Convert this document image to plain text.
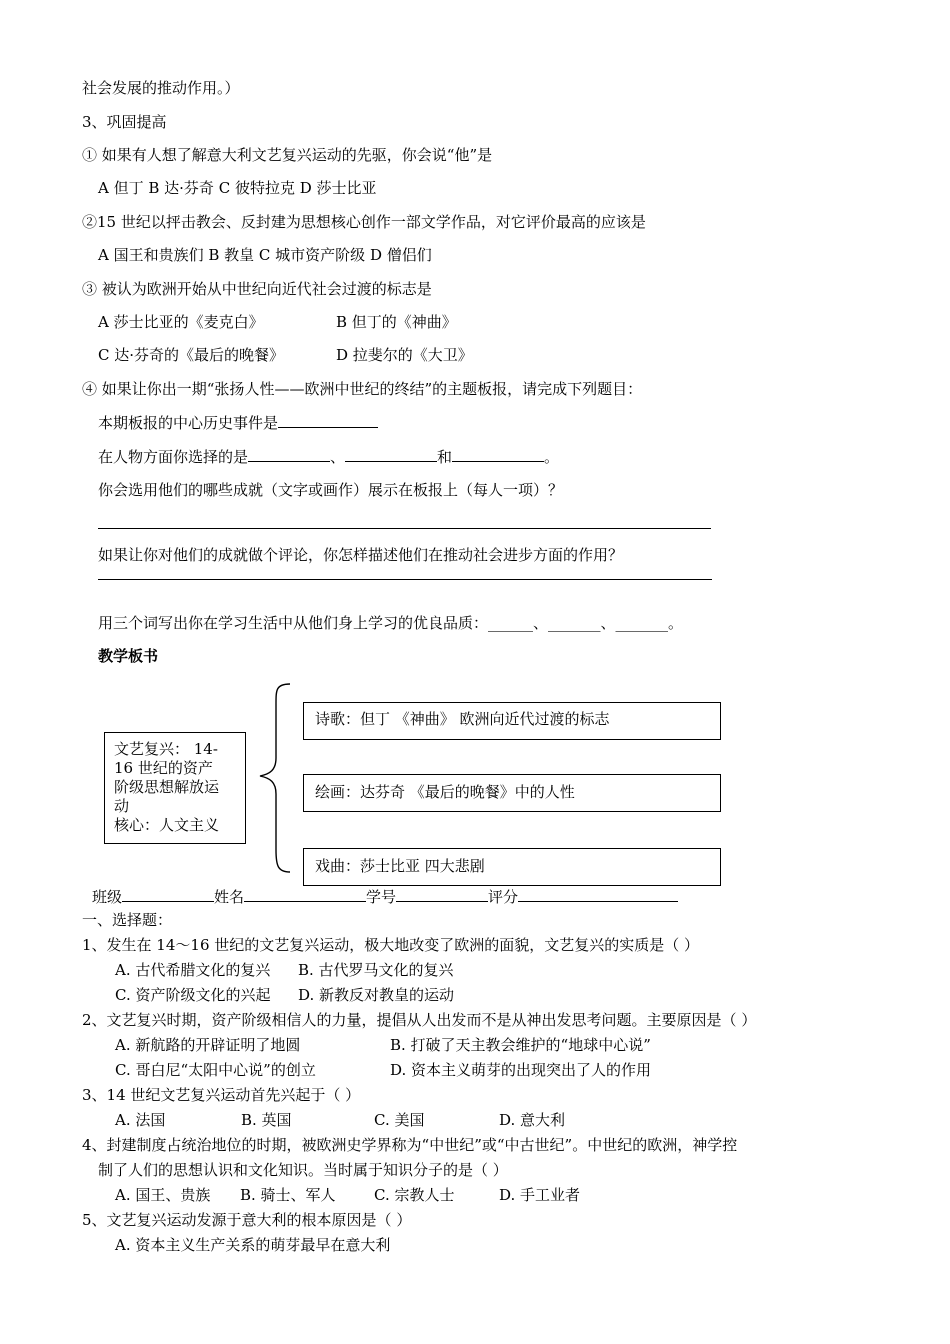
社会发展的推动作用。）
3、巩固提高
① 如果有人想了解意大利文艺复兴运动的先驱，你会说“他”是
A 但丁 B 达·芬奇 C 彼特拉克 D 莎士比亚
②15 世纪以抨击教会、反封建为思想核心创作一部文学作品，对它评价最高的应该是
A 国王和贵族们 B 教皇 C 城市资产阶级 D 僧侣们
③ 被认为欧洲开始从中世纪向近代社会过渡的标志是
A 莎士比亚的《麦克白》	B 但丁的《神曲》
C 达·芬奇的《最后的晚餐》	D 拉斐尔的《大卫》
④ 如果让你出一期“张扬人性——欧洲中世纪的终结”的主题板报，请完成下列题目：
本期板报的中心历史事件是
在人物方面你选择的是	、	和	。
你会选用他们的哪些成就（文字或画作）展示在板报上（每人一项）？
如果让你对他们的成就做个评论，你怎样描述他们在推动社会进步方面的作用？
用三个词写出你在学习生活中从他们身上学习的优良品质：______、_______、_______。
教学板书
文艺复兴： 14-
16 世纪的资产
阶级思想解放运
动
核心：人文主义
诗歌：但丁 《神曲》 欧洲向近代过渡的标志
绘画：达芬奇 《最后的晚餐》中的人性
戏曲：莎士比亚 四大悲剧
班级	姓名	学号	评分
一、选择题：
1、发生在 14～16 世纪的文艺复兴运动，极大地改变了欧洲的面貌，文艺复兴的实质是（ ）
A. 古代希腊文化的复兴 B. 古代罗马文化的复兴
C. 资产阶级文化的兴起 D. 新教反对教皇的运动
2、文艺复兴时期，资产阶级相信人的力量，提倡从人出发而不是从神出发思考问题。主要原因是（ ）
A. 新航路的开辟证明了地圆	B. 打破了天主教会维护的“地球中心说”
C. 哥白尼“太阳中心说”的创立	D. 资本主义萌芽的出现突出了人的作用
3、14 世纪文艺复兴运动首先兴起于（ ）
A. 法国	B. 英国	C. 美国	D. 意大利
4、封建制度占统治地位的时期，被欧洲史学界称为“中世纪”或“中古世纪”。中世纪的欧洲，神学控
制了人们的思想认识和文化知识。当时属于知识分子的是（ ）
A. 国王、贵族 B. 骑士、军人	C. 宗教人士	D. 手工业者
5、文艺复兴运动发源于意大利的根本原因是（ ）
A. 资本主义生产关系的萌芽最早在意大利
